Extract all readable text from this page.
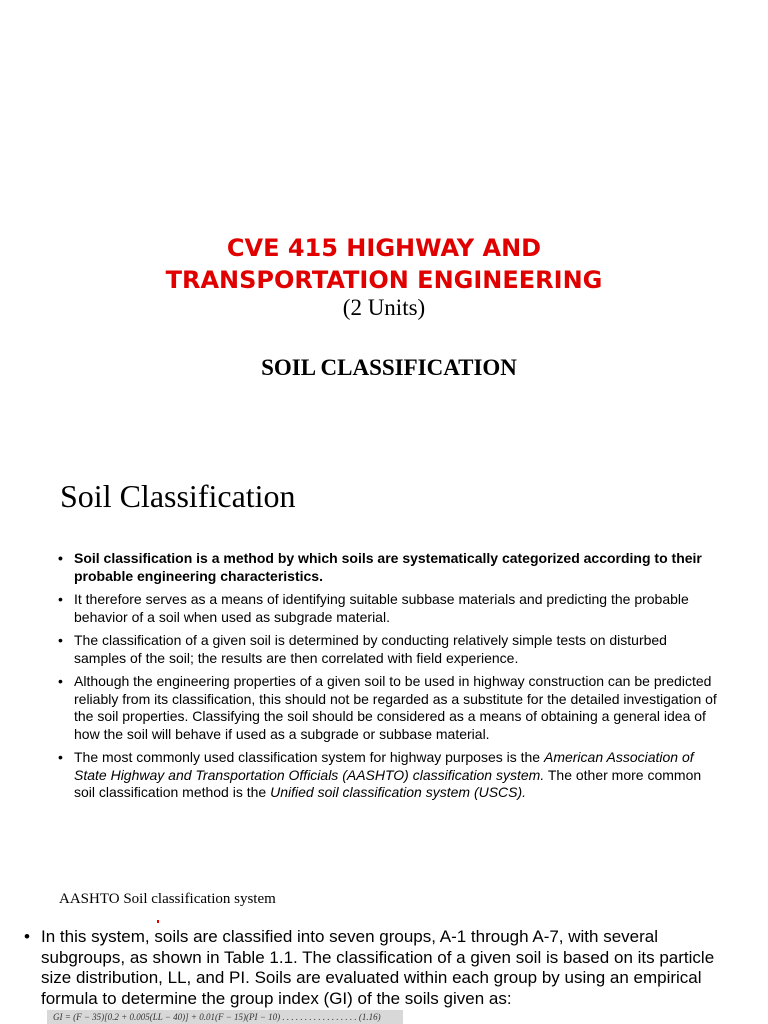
CVE 415 HIGHWAY AND
TRANSPORTATION ENGINEERING

(2 Units)

SOIL CLASSIFICATION

Soil Classification
• Soil classification is a method by which soils are systematically categorized according to their probable engineering characteristics.
• It therefore serves as a means of identifying suitable subbase materials and predicting the probable behavior of a soil when used as subgrade material.
• The classification of a given soil is determined by conducting relatively simple tests on disturbed samples of the soil; the results are then correlated with field experience.
• Although the engineering properties of a given soil to be used in highway construction can be predicted reliably from its classification, this should not be regarded as a substitute for the detailed investigation of the soil properties. Classifying the soil should be considered as a means of obtaining a general idea of how the soil will behave if used as a subgrade or subbase material.
• The most commonly used classification system for highway purposes is the American Association of State Highway and Transportation Officials (AASHTO) classification system. The other more common soil classification method is the Unified soil classification system (USCS).

AASHTO Soil classification system

• In this system, soils are classified into seven groups, A-1 through A-7, with several subgroups, as shown in Table 1.1. The classification of a given soil is based on its particle size distribution, LL, and PI. Soils are evaluated within each group by using an empirical formula to determine the group index (GI) of the soils given as:
GI = (F − 35)[0.2 + 0.005(LL − 40)] + 0.01(F − 15)(PI − 10) . . . . . . . . . . . . . . . . . (1.16)
